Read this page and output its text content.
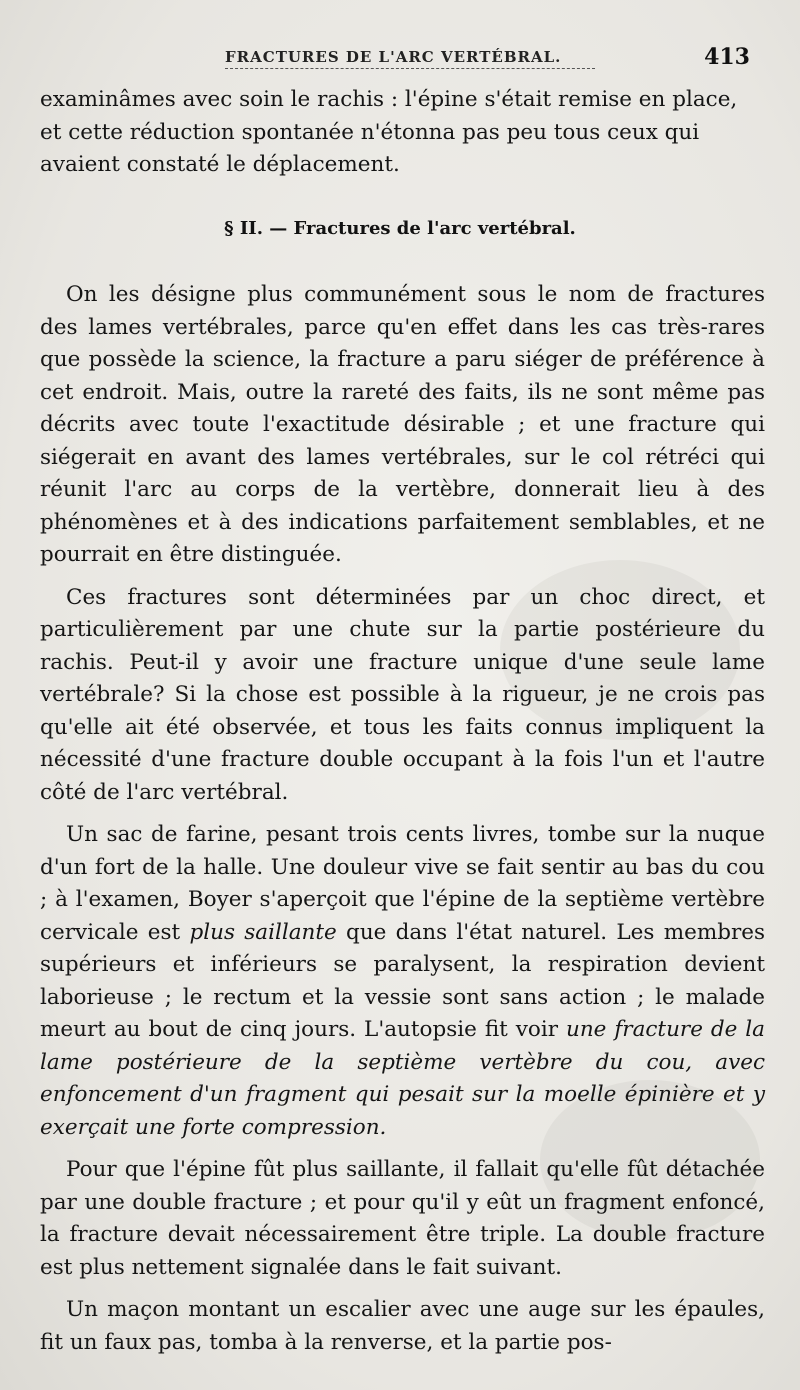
FRACTURES DE L'ARC VERTÉBRAL.	413

examinâmes avec soin le rachis : l'épine s'était remise en place,

et cette réduction spontanée n'étonna pas peu tous ceux qui

avaient constaté le déplacement.

§ II. — Fractures de l'arc vertébral.

On les désigne plus communément sous le nom de fractures des lames vertébrales, parce qu'en effet dans les cas très-rares que possède la science, la fracture a paru siéger de préférence à cet endroit. Mais, outre la rareté des faits, ils ne sont même pas décrits avec toute l'exactitude désirable ; et une fracture qui siégerait en avant des lames vertébrales, sur le col rétréci qui réunit l'arc au corps de la vertèbre, donnerait lieu à des phénomènes et à des indications parfaitement semblables, et ne pourrait en être distinguée.

Ces fractures sont déterminées par un choc direct, et particulièrement par une chute sur la partie postérieure du rachis. Peut-il y avoir une fracture unique d'une seule lame vertébrale? Si la chose est possible à la rigueur, je ne crois pas qu'elle ait été observée, et tous les faits connus impliquent la nécessité d'une fracture double occupant à la fois l'un et l'autre côté de l'arc vertébral.

Un sac de farine, pesant trois cents livres, tombe sur la nuque d'un fort de la halle. Une douleur vive se fait sentir au bas du cou ; à l'examen, Boyer s'aperçoit que l'épine de la septième vertèbre cervicale est plus saillante que dans l'état naturel. Les membres supérieurs et inférieurs se paralysent, la respiration devient laborieuse ; le rectum et la vessie sont sans action ; le malade meurt au bout de cinq jours. L'autopsie fit voir une fracture de la lame postérieure de la septième vertèbre du cou, avec enfoncement d'un fragment qui pesait sur la moelle épinière et y exerçait une forte compression.

Pour que l'épine fût plus saillante, il fallait qu'elle fût détachée par une double fracture ; et pour qu'il y eût un fragment enfoncé, la fracture devait nécessairement être triple. La double fracture est plus nettement signalée dans le fait suivant.

Un maçon montant un escalier avec une auge sur les épaules, fit un faux pas, tomba à la renverse, et la partie pos-
